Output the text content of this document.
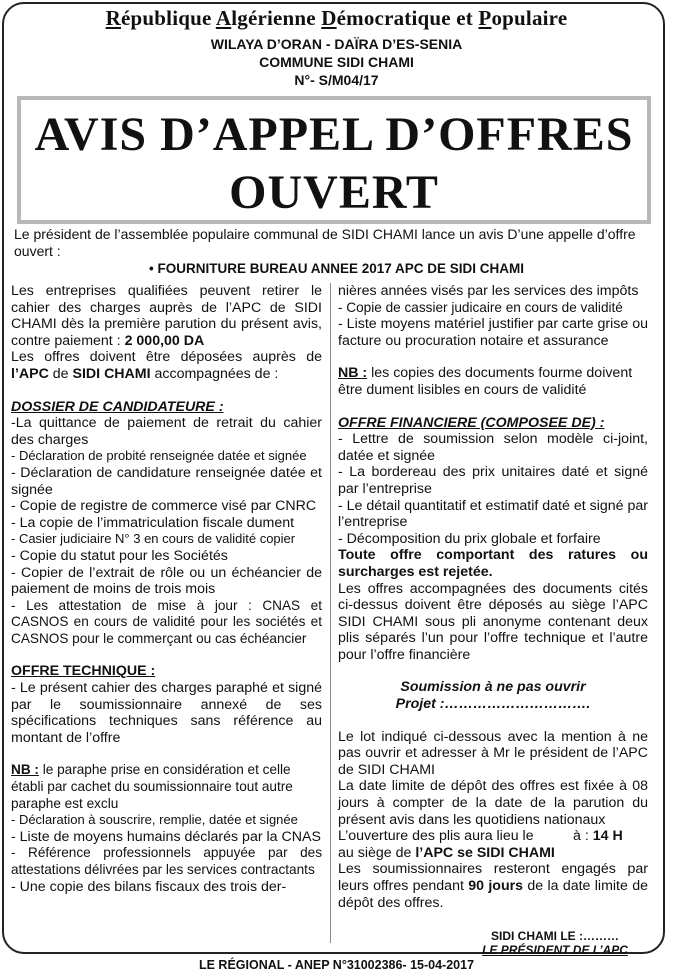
République Algérienne Démocratique et Populaire
WILAYA D’ORAN - DAÏRA D’ES-SENIA
COMMUNE SIDI CHAMI
N°- S/M04/17
AVIS D’APPEL D’OFFRES
OUVERT
Le président de l’assemblée populaire communal de SIDI CHAMI lance un avis D’une appelle d’offre ouvert :
• FOURNITURE BUREAU ANNEE 2017 APC DE SIDI CHAMI

Les entreprises qualifiées peuvent retirer le cahier des charges auprès de l’APC de SIDI CHAMI dès la première parution du présent avis, contre paiement : 2 000,00 DA

Les offres doivent être déposées auprès de l’APC de SIDI CHAMI accompagnées de :

DOSSIER DE CANDIDATEURE :

-La quittance de paiement de retrait du cahier des charges

- Déclaration de probité renseignée datée et signée

- Déclaration de candidature renseignée datée et signée

- Copie de registre de commerce visé par CNRC

- La copie de l’immatriculation fiscale dument

- Casier judiciaire N° 3 en cours de validité copier

- Copie du statut pour les Sociétés

- Copier de l’extrait de rôle ou un échéancier de paiement de moins de trois mois

- Les attestation de mise à jour : CNAS et CASNOS en cours de validité pour les sociétés et CASNOS pour le commerçant ou cas échéancier

OFFRE TECHNIQUE :

- Le présent cahier des charges paraphé et signé par le soumissionnaire annexé de ses spécifications techniques sans référence au montant de l’offre

NB : le paraphe prise en considération et celle établi par cachet du soumissionnaire tout autre paraphe est exclu

- Déclaration à souscrire, remplie, datée et signée

- Liste de moyens humains déclarés par la CNAS

- Référence professionnels appuyée par des attestations délivrées par les services contractants

- Une copie des bilans fiscaux des trois der-

nières années visés par les services des impôts

- Copie de cassier judicaire en cours de validité

- Liste moyens matériel justifier par carte grise ou facture ou procuration notaire et assurance

NB : les copies des documents fourme doivent être dument lisibles en cours de validité

OFFRE FINANCIERE (COMPOSEE DE) :

- Lettre de soumission selon modèle ci-joint, datée et signée

- La bordereau des prix unitaires daté et signé par l’entreprise

- Le détail quantitatif et estimatif daté et signé par l’entreprise

- Décomposition du prix globale et forfaire

Toute offre comportant des ratures ou surcharges est rejetée.

Les offres accompagnées des documents cités ci-dessus doivent être déposés au siège l’APC SIDI CHAMI sous pli anonyme contenant deux plis séparés l’un pour l’offre technique et l’autre pour l’offre financière

Soumission à ne pas ouvrir

Projet :………………………….

Le lot indiqué ci-dessous avec la mention à ne pas ouvrir et adresser à Mr le président de l’APC de SIDI CHAMI

La date limite de dépôt des offres est fixée à 08 jours à compter de la date de la parution du présent avis dans les quotidiens nationaux

L’ouverture des plis aura lieu le	à : 14 H

au siège de l’APC se SIDI CHAMI

Les soumissionnaires resteront engagés par leurs offres pendant 90 jours de la date limite de dépôt des offres.

SIDI CHAMI LE :………
LE PRÉSIDENT DE L’APC
LE RÉGIONAL - ANEP N°31002386- 15-04-2017
